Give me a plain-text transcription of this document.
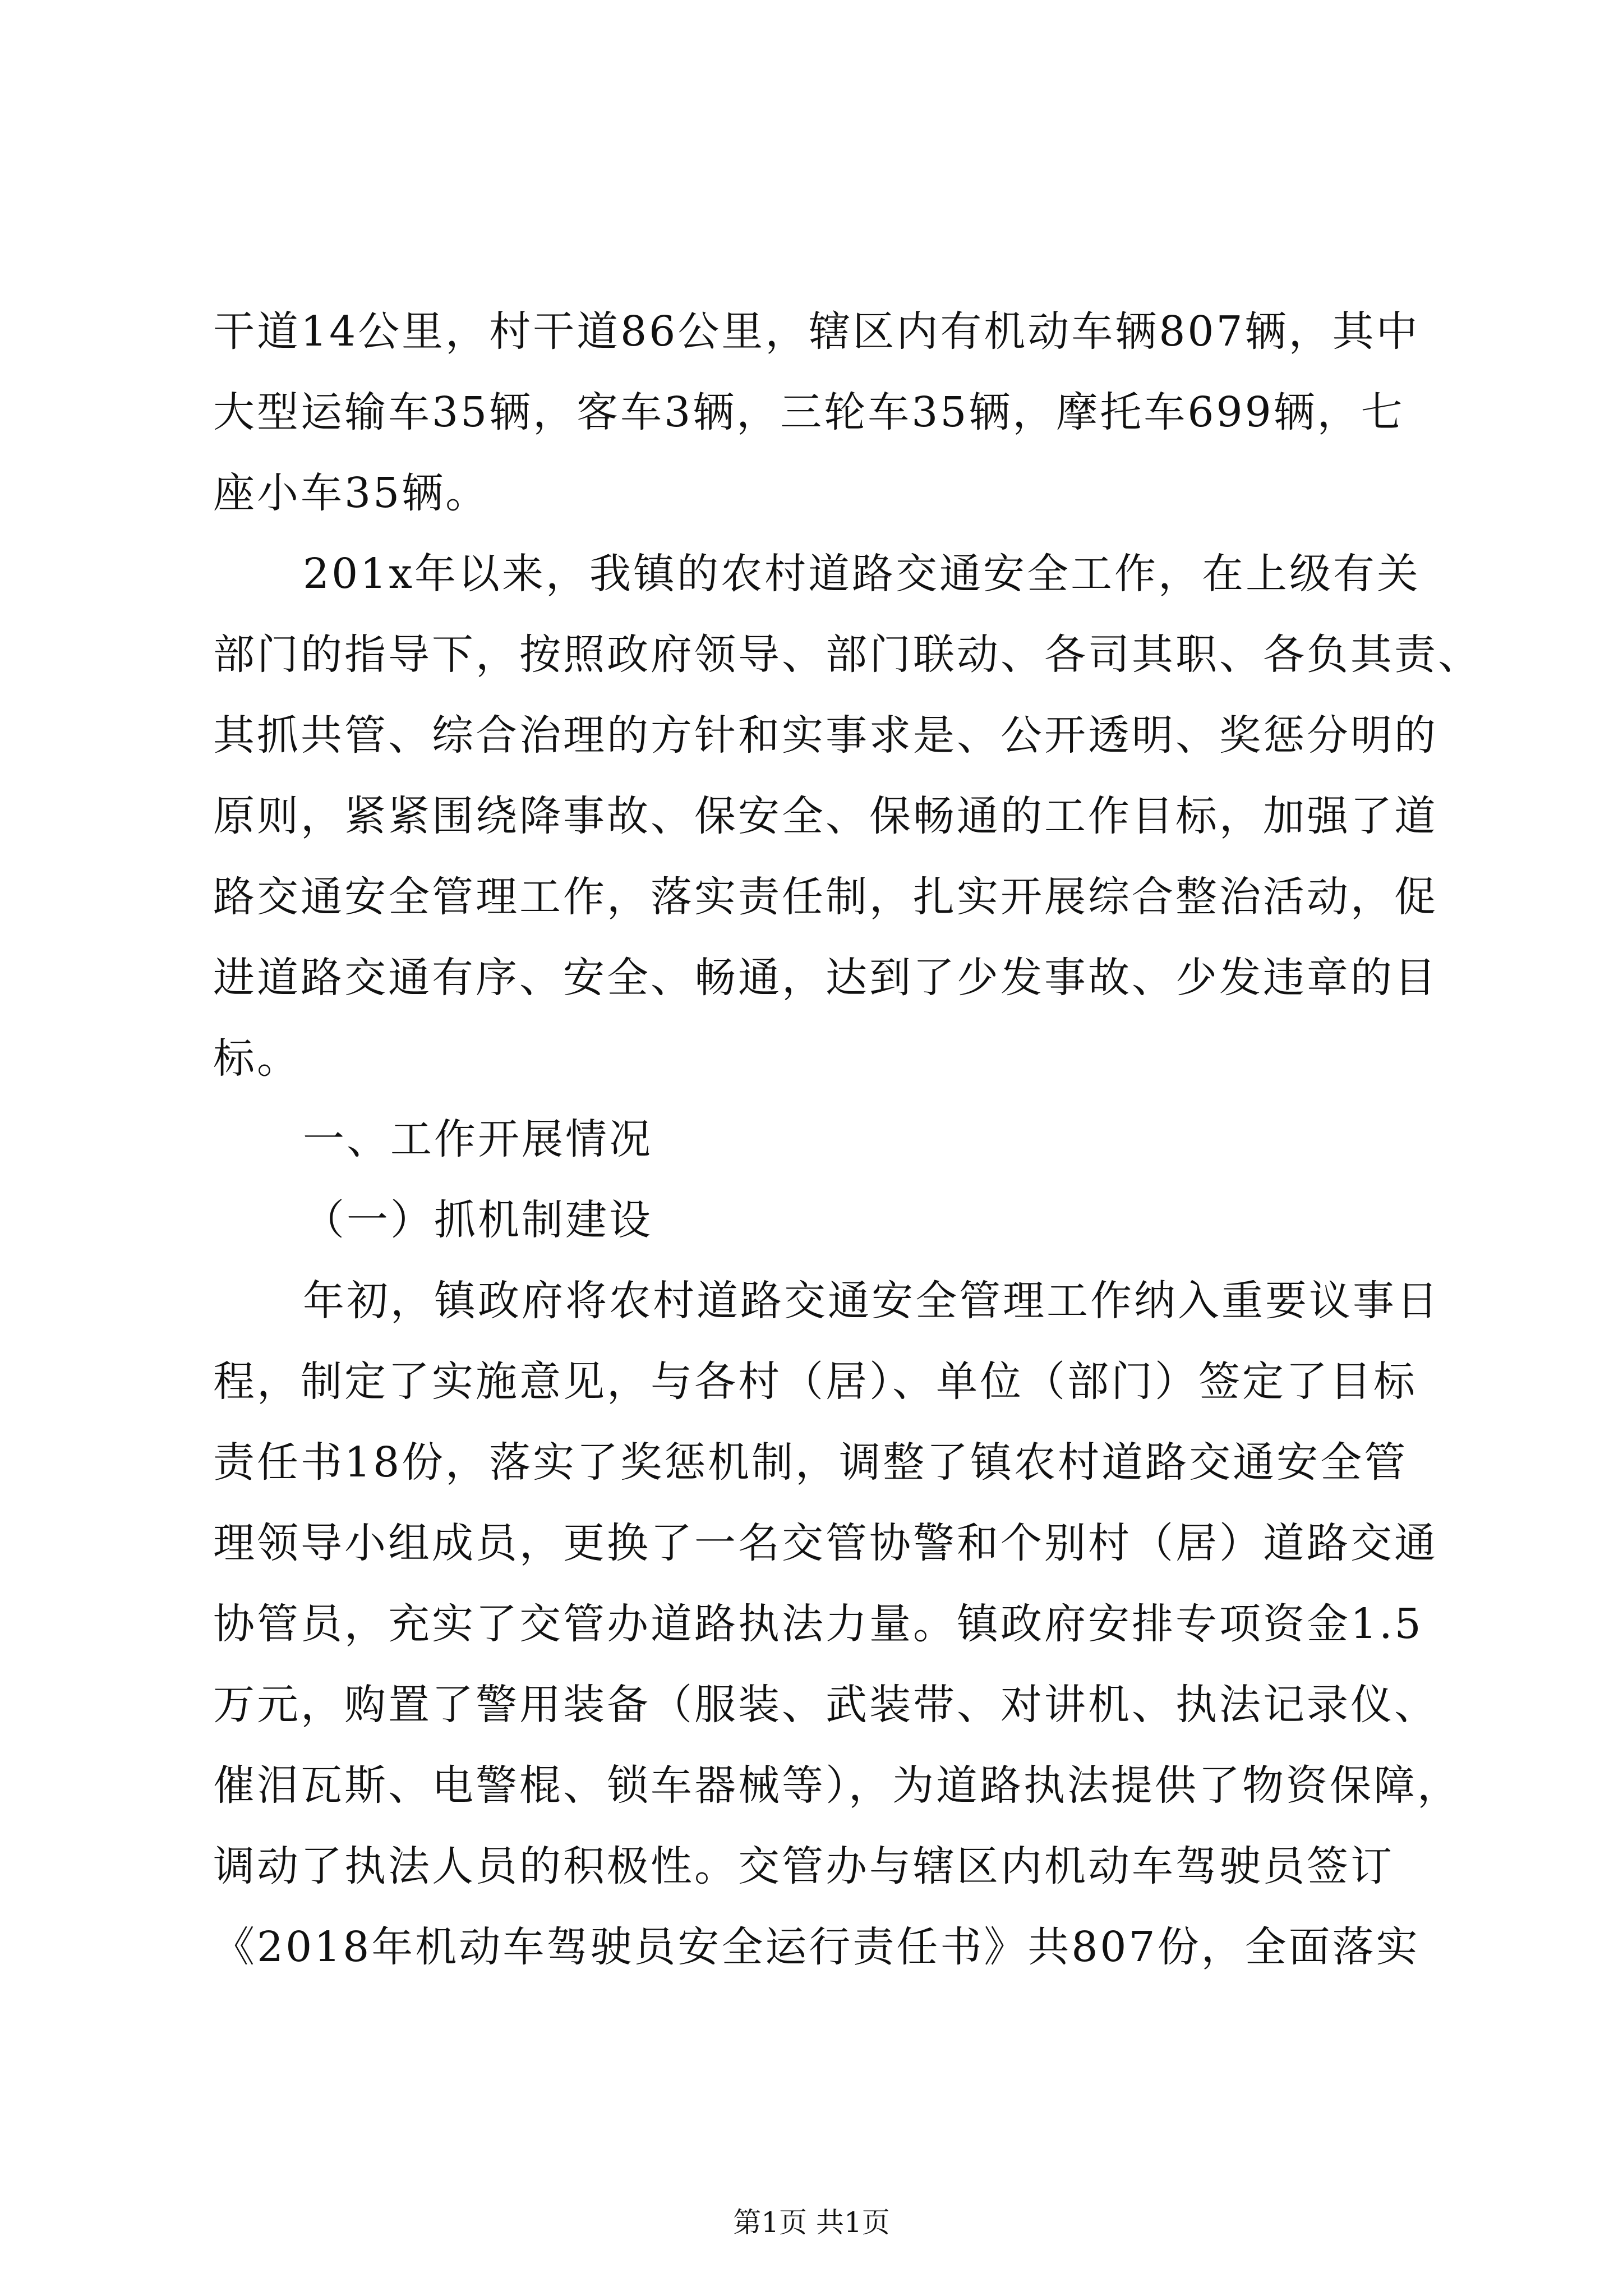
干道14公里，村干道86公里，辖区内有机动车辆807辆，其中
大型运输车35辆，客车3辆，三轮车35辆，摩托车699辆，七
座小车35辆。
201x年以来，我镇的农村道路交通安全工作，在上级有关
部门的指导下，按照政府领导、部门联动、各司其职、各负其责、
其抓共管、综合治理的方针和实事求是、公开透明、奖惩分明的
原则，紧紧围绕降事故、保安全、保畅通的工作目标，加强了道
路交通安全管理工作，落实责任制，扎实开展综合整治活动，促
进道路交通有序、安全、畅通，达到了少发事故、少发违章的目
标。
一、工作开展情况
（一）抓机制建设
年初，镇政府将农村道路交通安全管理工作纳入重要议事日
程，制定了实施意见，与各村（居）、单位（部门）签定了目标
责任书18份，落实了奖惩机制，调整了镇农村道路交通安全管
理领导小组成员，更换了一名交管协警和个别村（居）道路交通
协管员，充实了交管办道路执法力量。镇政府安排专项资金1.5
万元，购置了警用装备（服装、武装带、对讲机、执法记录仪、
催泪瓦斯、电警棍、锁车器械等），为道路执法提供了物资保障，
调动了执法人员的积极性。交管办与辖区内机动车驾驶员签订
《2018年机动车驾驶员安全运行责任书》共807份，全面落实
第1页 共1页
